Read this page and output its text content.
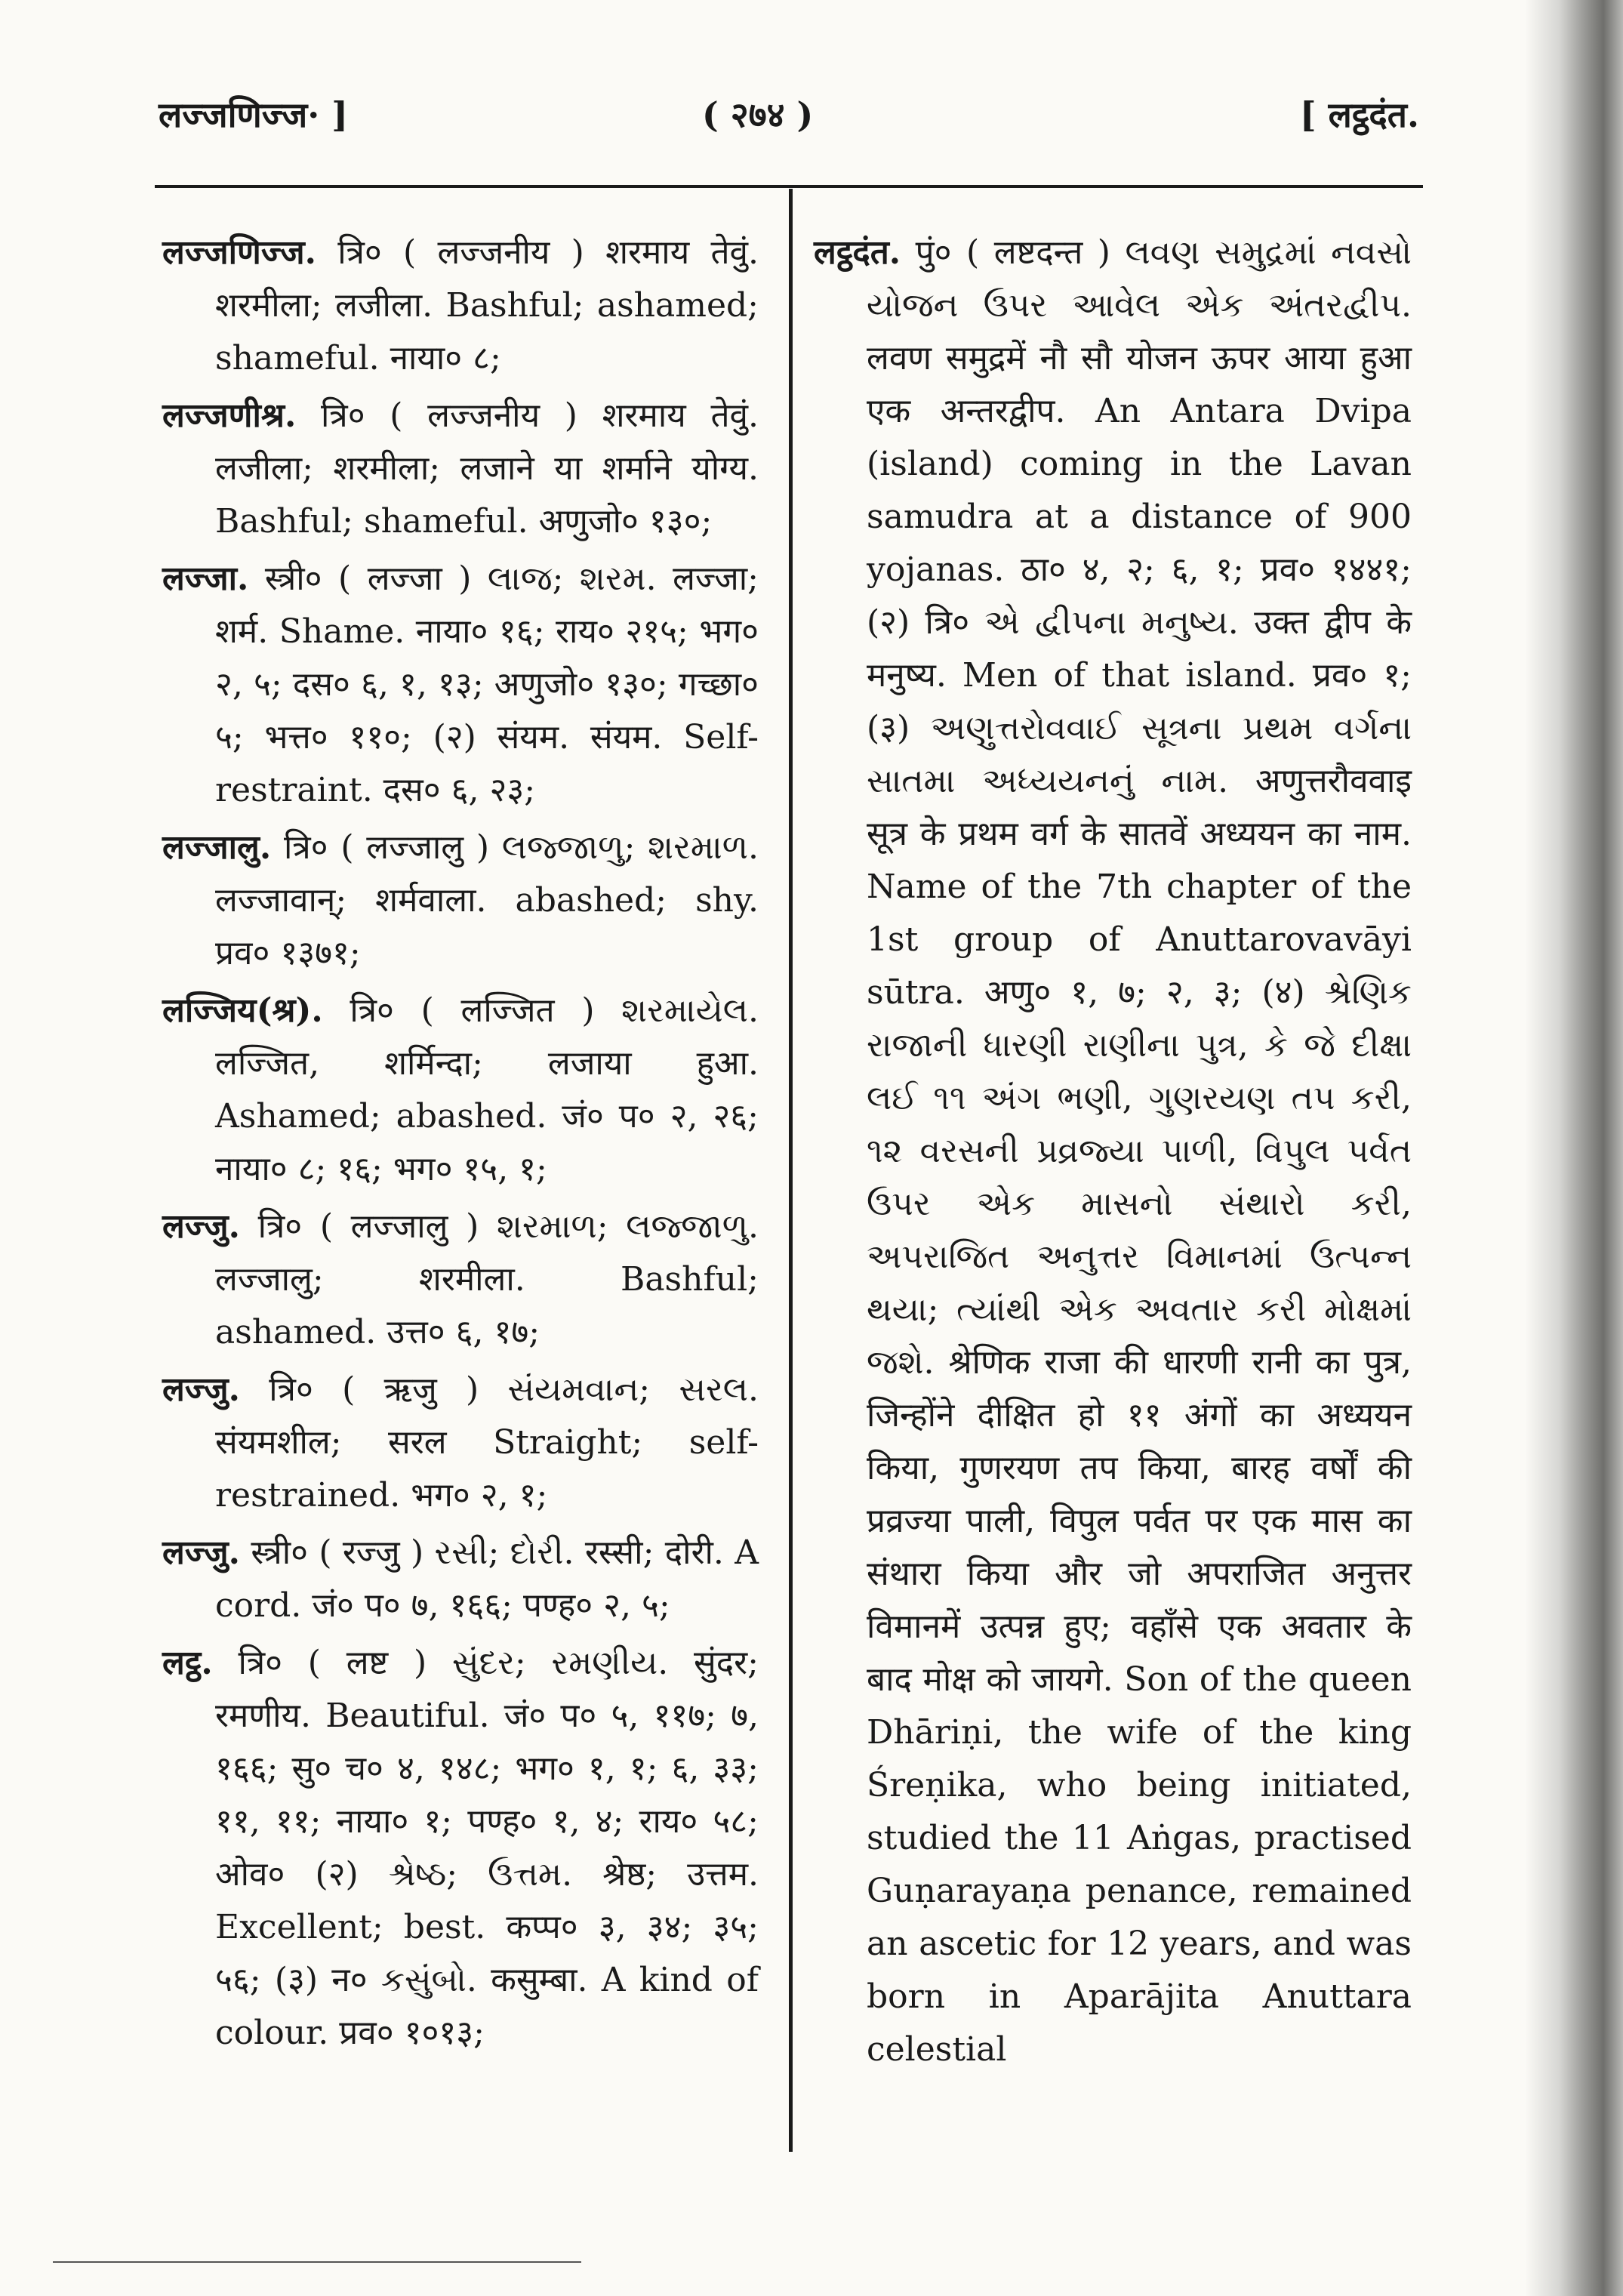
लज्जणिज्ज· ]	( २७४ )	[ लट्ठदंत.

लज्जणिज्ज. त्रि० ( लज्जनीय ) शरमाय तेवुं. शरमीला; लजीला. Bashful; ashamed; shameful. नाया० ८;

लज्जणीश्र. त्रि० ( लज्जनीय ) शरमाय तेवुं. लजीला; शरमीला; लजाने या शर्माने योग्य. Bashful; shameful. अणुजो० १३०;

लज्जा. स्त्री० ( लज्जा ) લાજ; શરમ. लज्जा; शर्म. Shame. नाया० १६; राय० २१५; भग० २, ५; दस० ६, १, १३; अणुजो० १३०; गच्छा० ५; भत्त० ११०; (२) संयम. संयम. Self-restraint. दस० ६, २३;

लज्जालु. त्रि० ( लज्जालु ) લજ્જાળુ; શરમાળ. लज्जावान्; शर्मवाला. abashed; shy. प्रव० १३७१;

लज्जिय(श्र). त्रि० ( लज्जित ) શરમાયેલ. लज्जित, शर्मिन्दा; लजाया हुआ. Ashamed; abashed. जं० प० २, २६; नाया० ८; १६; भग० १५, १;

लज्जु. त्रि० ( लज्जालु ) શરમાળ; લજ્જાળુ. लज्जालु; शरमीला. Bashful; ashamed. उत्त० ६, १७;

लज्जु. त्रि० ( ऋजु ) સંયમવાન; સરલ. संयमशील; सरल Straight; self-restrained. भग० २, १;

लज्जु. स्त्री० ( रज्जु ) રસી; દોરી. रस्सी; दोरी. A cord. जं० प० ७, १६६; पण्ह० २, ५;

लट्ठ. त्रि० ( लष्ट ) સુંદર; રમણીય. सुंदर; रमणीय. Beautiful. जं० प० ५, ११७; ७, १६६; सु० च० ४, १४८; भग० १, १; ६, ३३; ११, ११; नाया० १; पण्ह० १, ४; राय० ५८; ओव० (२) શ્રેષ્ઠ; ઉત્તમ. श्रेष्ठ; उत्तम. Excellent; best. कप्प० ३, ३४; ३५; ५६; (३) न० કસુંબો. कसुम्बा. A kind of colour. प्रव० १०१३;

लट्ठदंत. पुं० ( लष्टदन्त ) લવણ સમુદ્રમાં નવસો યોજન ઉપર આવેલ એક અંતરદ્વીપ. लवण समुद्रमें नौ सौ योजन ऊपर आया हुआ एक अन्तरद्वीप. An Antara Dvipa (island) coming in the Lavan samudra at a distance of 900 yojanas. ठा० ४, २; ६, १; प्रव० १४४१; (२) त्रि० એ દ્વીપના મનુષ્ય. उक्त द्वीप के मनुष्य. Men of that island. प्रव० १; (३) અણુત્તરોવવાઈ સૂત્રના પ્રથમ વર્ગના સાતમા અધ્યયનનું નામ. अणुत्तरौववाइ सूत्र के प्रथम वर्ग के सातवें अध्ययन का नाम. Name of the 7th chapter of the 1st group of Anuttarovavāyi sūtra. अणु० १, ७; २, ३; (४) શ્રેણિક રાજાની ધારણી રાણીના પુત્ર, કે જે દીક્ષા લઈ ૧૧ અંગ ભણી, ગુણરયણ તપ કરી, ૧૨ વરસની પ્રવ્રજ્યા પાળી, વિપુલ પર્વત ઉપર એક માસનો સંથારો કરી, અપરાજિત અનુત્તર વિમાનમાં ઉત્પન્ન થયા; ત્યાંથી એક અવતાર કરી મોક્ષમાં જશે. श्रेणिक राजा की धारणी रानी का पुत्र, जिन्होंने दीक्षित हो ११ अंगों का अध्ययन किया, गुणरयण तप किया, बारह वर्षों की प्रव्रज्या पाली, विपुल पर्वत पर एक मास का संथारा किया और जो अपराजित अनुत्तर विमानमें उत्पन्न हुए; वहाँसे एक अवतार के बाद मोक्ष को जायगे. Son of the queen Dhāriṇi, the wife of the king Śreṇika, who being initiated, studied the 11 Aṅgas, practised Guṇarayaṇa penance, remained an ascetic for 12 years, and was born in Aparājita Anuttara celestial
